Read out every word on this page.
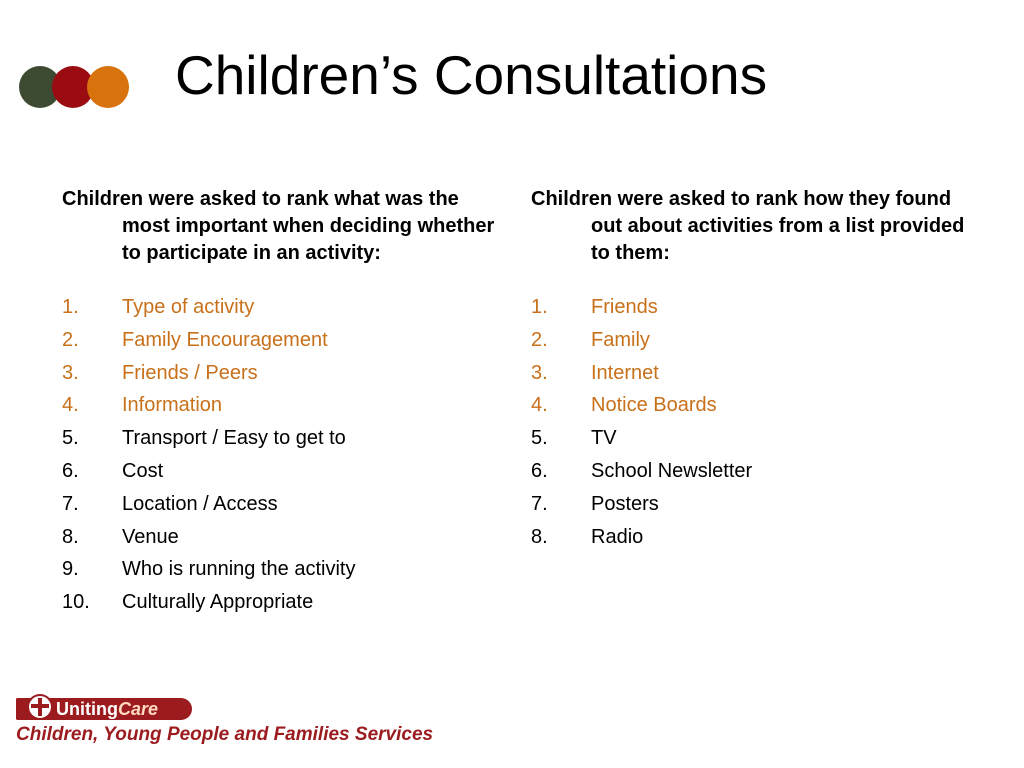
Children’s Consultations

Children were asked to rank what was the most important when deciding whether to participate in an activity:

1.	Type of activity
2.	Family Encouragement
3.	Friends / Peers
4.	Information
5.	Transport / Easy to get to
6.	Cost
7.	Location / Access
8.	Venue
9.	Who is running the activity
10.	Culturally Appropriate

Children were asked to rank how they found out about activities from a list provided to them:

1.	Friends
2.	Family
3.	Internet
4.	Notice Boards
5.	TV
6.	School Newsletter
7.	Posters
8.	Radio
UnitingCare
Children, Young People and Families Services
